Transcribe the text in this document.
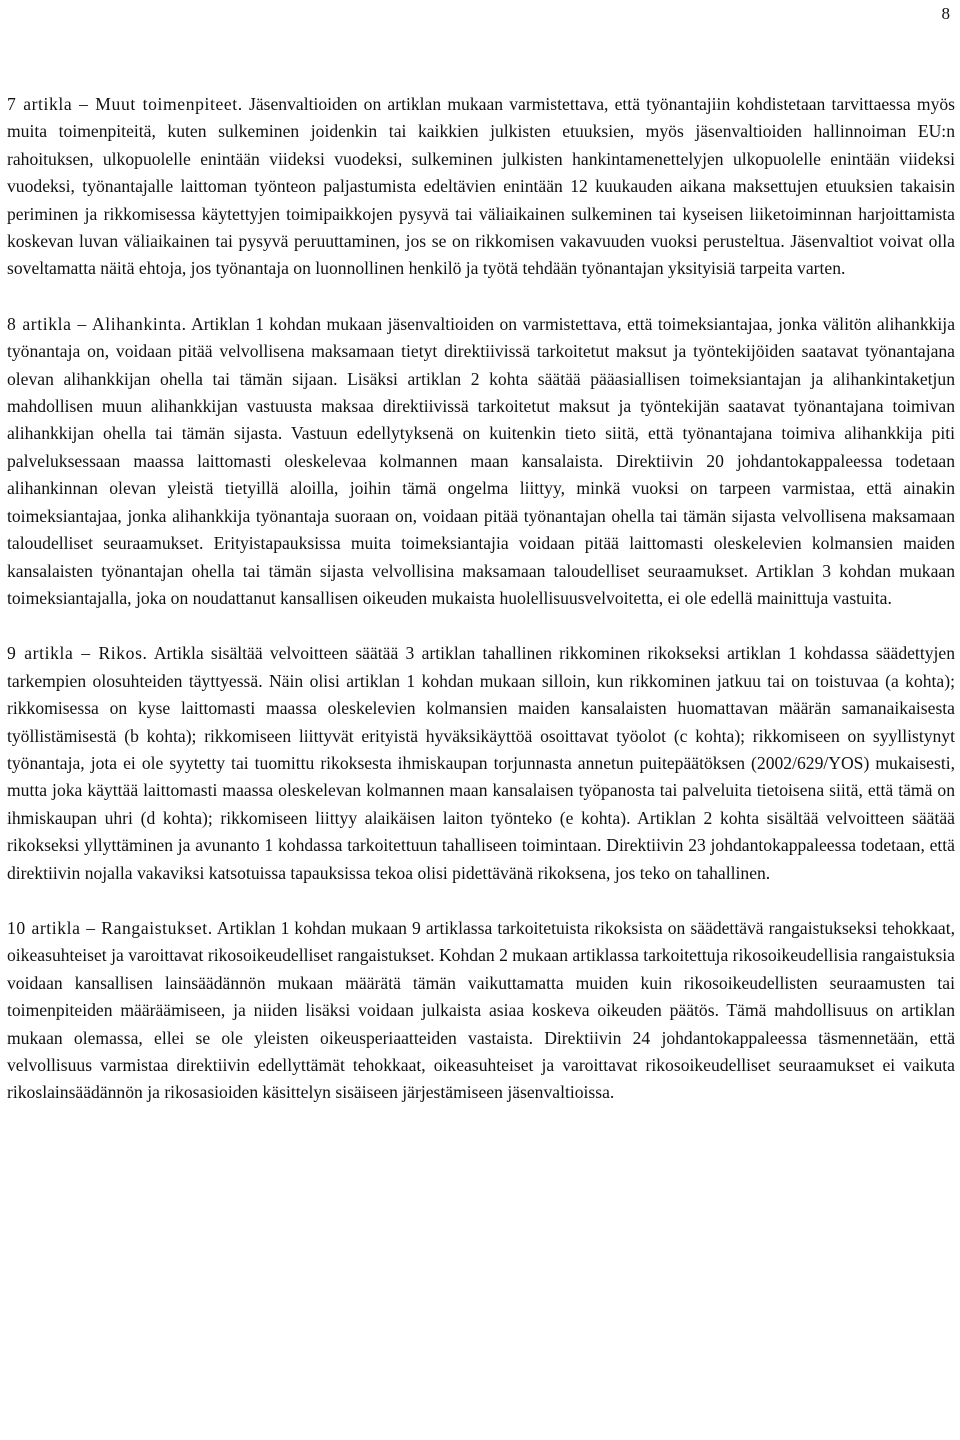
8

7 artikla – Muut toimenpiteet. Jäsenvaltioiden on artiklan mukaan varmistettava, että työnantajiin kohdistetaan tarvittaessa myös muita toimenpiteitä, kuten sulkeminen joidenkin tai kaikkien julkisten etuuksien, myös jäsenvaltioiden hallinnoiman EU:n rahoituksen, ulkopuolelle enintään viideksi vuodeksi, sulkeminen julkisten hankintamenettelyjen ulkopuolelle enintään viideksi vuodeksi, työnantajalle laittoman työnteon paljastumista edeltävien enintään 12 kuukauden aikana maksettujen etuuksien takaisin periminen ja rikkomisessa käytettyjen toimipaikkojen pysyvä tai väliaikainen sulkeminen tai kyseisen liiketoiminnan harjoittamista koskevan luvan väliaikainen tai pysyvä peruuttaminen, jos se on rikkomisen vakavuuden vuoksi perusteltua. Jäsenvaltiot voivat olla soveltamatta näitä ehtoja, jos työnantaja on luonnollinen henkilö ja työtä tehdään työnantajan yksityisiä tarpeita varten.

8 artikla – Alihankinta. Artiklan 1 kohdan mukaan jäsenvaltioiden on varmistettava, että toimeksiantajaa, jonka välitön alihankkija työnantaja on, voidaan pitää velvollisena maksamaan tietyt direktiivissä tarkoitetut maksut ja työntekijöiden saatavat työnantajana olevan alihankkijan ohella tai tämän sijaan. Lisäksi artiklan 2 kohta säätää pääasiallisen toimeksiantajan ja alihankintaketjun mahdollisen muun alihankkijan vastuusta maksaa direktiivissä tarkoitetut maksut ja työntekijän saatavat työnantajana toimivan alihankkijan ohella tai tämän sijasta. Vastuun edellytyksenä on kuitenkin tieto siitä, että työnantajana toimiva alihankkija piti palveluksessaan maassa laittomasti oleskelevaa kolmannen maan kansalaista. Direktiivin 20 johdantokappaleessa todetaan alihankinnan olevan yleistä tietyillä aloilla, joihin tämä ongelma liittyy, minkä vuoksi on tarpeen varmistaa, että ainakin toimeksiantajaa, jonka alihankkija työnantaja suoraan on, voidaan pitää työnantajan ohella tai tämän sijasta velvollisena maksamaan taloudelliset seuraamukset. Erityistapauksissa muita toimeksiantajia voidaan pitää laittomasti oleskelevien kolmansien maiden kansalaisten työnantajan ohella tai tämän sijasta velvollisina maksamaan taloudelliset seuraamukset. Artiklan 3 kohdan mukaan toimeksiantajalla, joka on noudattanut kansallisen oikeuden mukaista huolellisuusvelvoitetta, ei ole edellä mainittuja vastuita.

9 artikla – Rikos. Artikla sisältää velvoitteen säätää 3 artiklan tahallinen rikkominen rikokseksi artiklan 1 kohdassa säädettyjen tarkempien olosuhteiden täyttyessä. Näin olisi artiklan 1 kohdan mukaan silloin, kun rikkominen jatkuu tai on toistuvaa (a kohta); rikkomisessa on kyse laittomasti maassa oleskelevien kolmansien maiden kansalaisten huomattavan määrän samanaikaisesta työllistämisestä (b kohta); rikkomiseen liittyvät erityistä hyväksikäyttöä osoittavat työolot (c kohta); rikkomiseen on syyllistynyt työnantaja, jota ei ole syytetty tai tuomittu rikoksesta ihmiskaupan torjunnasta annetun puitepäätöksen (2002/629/YOS) mukaisesti, mutta joka käyttää laittomasti maassa oleskelevan kolmannen maan kansalaisen työpanosta tai palveluita tietoisena siitä, että tämä on ihmiskaupan uhri (d kohta); rikkomiseen liittyy alaikäisen laiton työnteko (e kohta). Artiklan 2 kohta sisältää velvoitteen säätää rikokseksi yllyttäminen ja avunanto 1 kohdassa tarkoitettuun tahalliseen toimintaan. Direktiivin 23 johdantokappaleessa todetaan, että direktiivin nojalla vakaviksi katsotuissa tapauksissa tekoa olisi pidettävänä rikoksena, jos teko on tahallinen.

10 artikla – Rangaistukset. Artiklan 1 kohdan mukaan 9 artiklassa tarkoitetuista rikoksista on säädettävä rangaistukseksi tehokkaat, oikeasuhteiset ja varoittavat rikosoikeudelliset rangaistukset. Kohdan 2 mukaan artiklassa tarkoitettuja rikosoikeudellisia rangaistuksia voidaan kansallisen lainsäädännön mukaan määrätä tämän vaikuttamatta muiden kuin rikosoikeudellisten seuraamusten tai toimenpiteiden määräämiseen, ja niiden lisäksi voidaan julkaista asiaa koskeva oikeuden päätös. Tämä mahdollisuus on artiklan mukaan olemassa, ellei se ole yleisten oikeusperiaatteiden vastaista. Direktiivin 24 johdantokappaleessa täsmennetään, että velvollisuus varmistaa direktiivin edellyttämät tehokkaat, oikeasuhteiset ja varoittavat rikosoikeudelliset seuraamukset ei vaikuta rikoslainsäädännön ja rikosasioiden käsittelyn sisäiseen järjestämiseen jäsenvaltioissa.
